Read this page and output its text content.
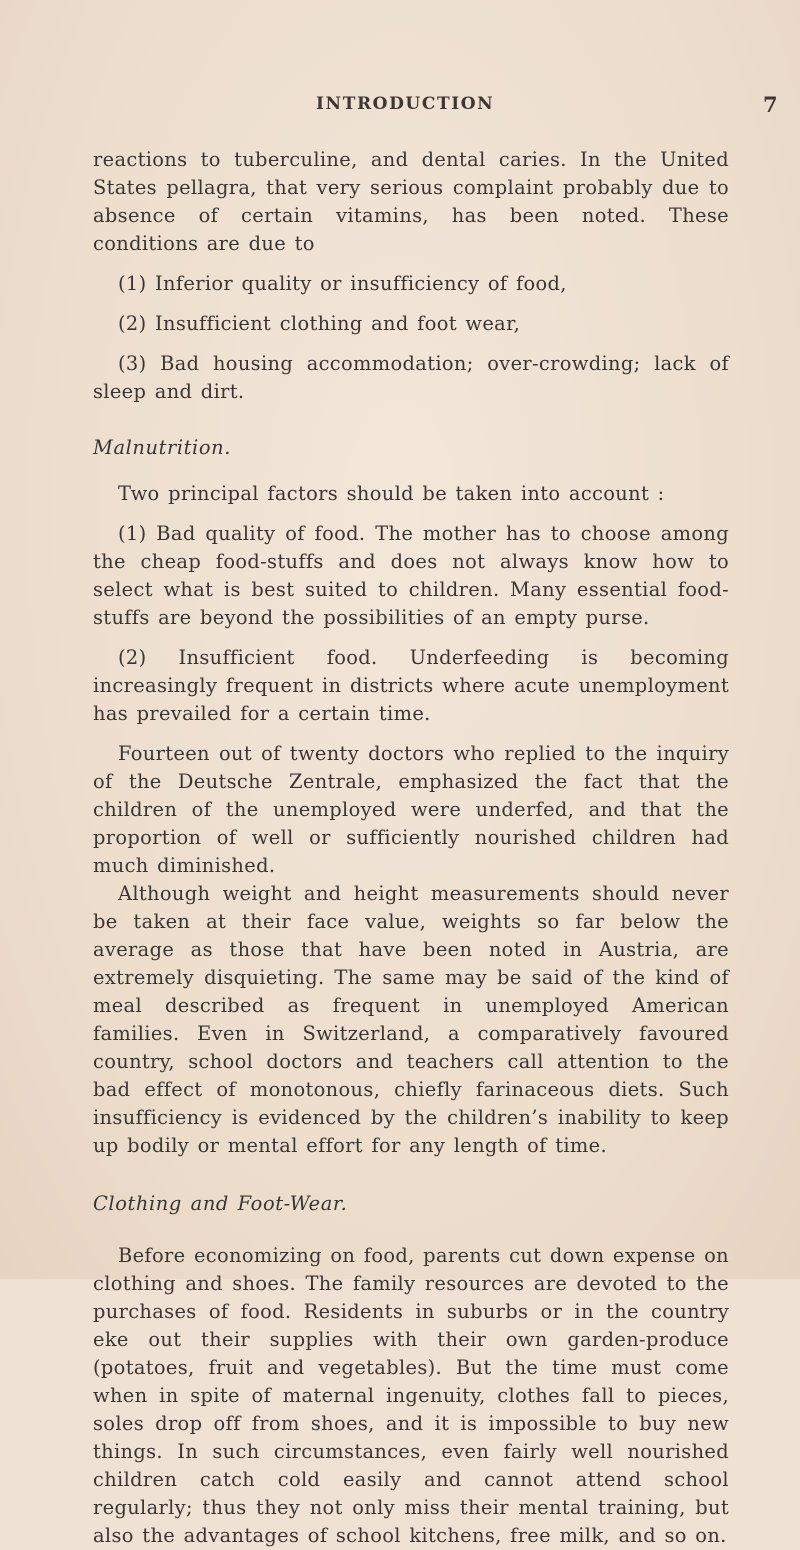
INTRODUCTION	7

reactions to tuberculine, and dental caries. In the United States pellagra, that very serious complaint probably due to absence of certain vitamins, has been noted. These conditions are due to

(1) Inferior quality or insufficiency of food,

(2) Insufficient clothing and foot wear,

(3) Bad housing accommodation; over-crowding; lack of sleep and dirt.

Malnutrition.

Two principal factors should be taken into account :

(1) Bad quality of food. The mother has to choose among the cheap food-stuffs and does not always know how to select what is best suited to children. Many essential food-stuffs are beyond the possibilities of an empty purse.

(2) Insufficient food. Underfeeding is becoming increasingly frequent in districts where acute unemployment has prevailed for a certain time.

Fourteen out of twenty doctors who replied to the inquiry of the Deutsche Zentrale, emphasized the fact that the children of the unemployed were underfed, and that the proportion of well or sufficiently nourished children had much diminished.

Although weight and height measurements should never be taken at their face value, weights so far below the average as those that have been noted in Austria, are extremely disquieting. The same may be said of the kind of meal described as frequent in unemployed American families. Even in Switzerland, a comparatively favoured country, school doctors and teachers call attention to the bad effect of monotonous, chiefly farinaceous diets. Such insufficiency is evidenced by the children’s inability to keep up bodily or mental effort for any length of time.

Clothing and Foot-Wear.

Before economizing on food, parents cut down expense on clothing and shoes. The family resources are devoted to the purchases of food. Residents in suburbs or in the country eke out their supplies with their own garden-produce (potatoes, fruit and vegetables). But the time must come when in spite of maternal ingenuity, clothes fall to pieces, soles drop off from shoes, and it is impossible to buy new things. In such circumstances, even fairly well nourished children catch cold easily and cannot attend school regularly; thus they not only miss their mental training, but also the advantages of school kitchens, free milk, and so on.
